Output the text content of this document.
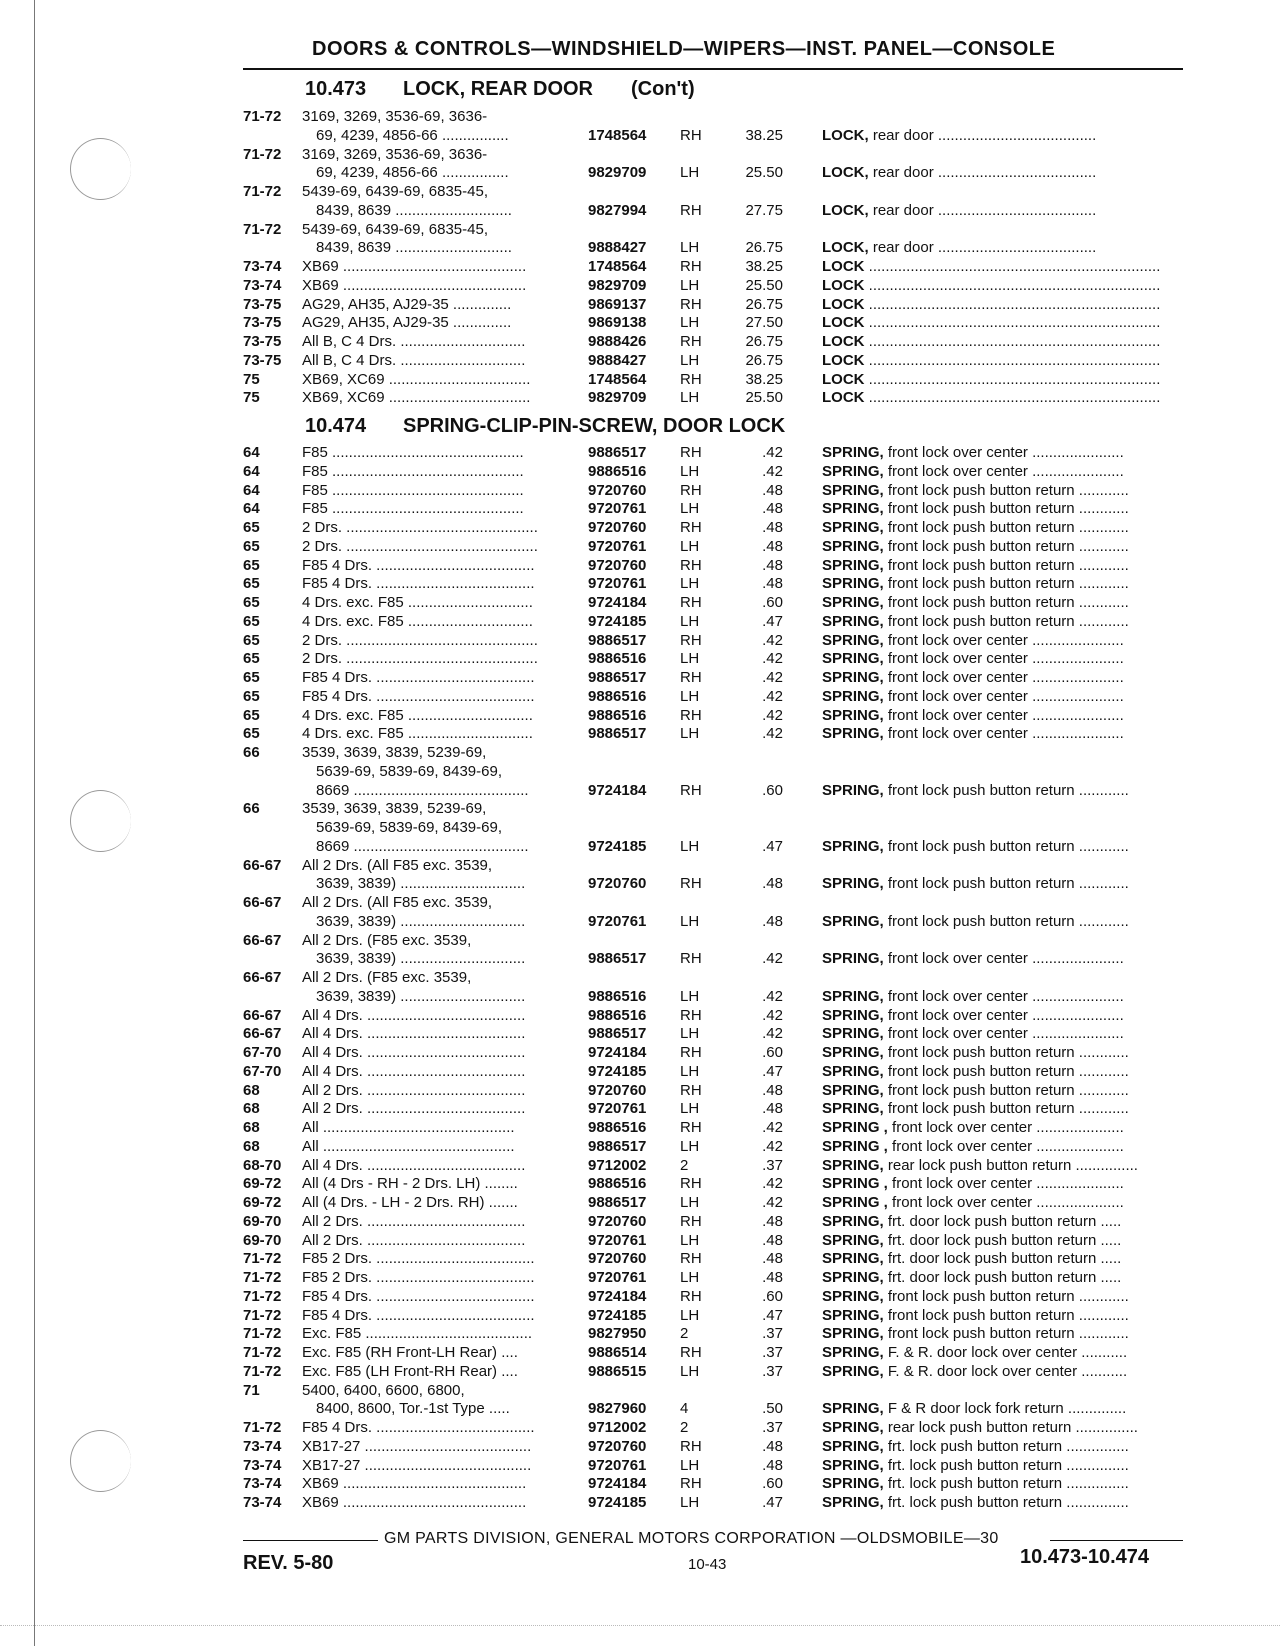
DOORS & CONTROLS—WINDSHIELD—WIPERS—INST. PANEL—CONSOLE
10.473 LOCK, REAR DOOR (Con't)
71-72 3169, 3269, 3536-69, 3636-
69, 4239, 4856-66 ................	1748564 RH	38.25	LOCK, rear door ......................................
71-72 3169, 3269, 3536-69, 3636-
69, 4239, 4856-66 ................	9829709 LH	25.50	LOCK, rear door ......................................
71-72 5439-69, 6439-69, 6835-45,
8439, 8639 ............................	9827994 RH	27.75	LOCK, rear door ......................................
71-72 5439-69, 6439-69, 6835-45,
8439, 8639 ............................	9888427 LH	26.75	LOCK, rear door ......................................
73-74 XB69 ............................................	1748564 RH	38.25	LOCK ......................................................................
73-74 XB69 ............................................	9829709 LH	25.50	LOCK ......................................................................
73-75 AG29, AH35, AJ29-35 ..............	9869137 RH	26.75	LOCK ......................................................................
73-75 AG29, AH35, AJ29-35 ..............	9869138 LH	27.50	LOCK ......................................................................
73-75 All B, C 4 Drs. ..............................	9888426 RH	26.75	LOCK ......................................................................
73-75 All B, C 4 Drs. ..............................	9888427 LH	26.75	LOCK ......................................................................
75	XB69, XC69 ..................................	1748564 RH	38.25	LOCK ......................................................................
75	XB69, XC69 ..................................	9829709 LH	25.50	LOCK ......................................................................
10.474 SPRING-CLIP-PIN-SCREW, DOOR LOCK
64	F85 ..............................................	9886517 RH	.42	SPRING, front lock over center ......................
64	F85 ..............................................	9886516 LH	.42	SPRING, front lock over center ......................
64	F85 ..............................................	9720760 RH	.48	SPRING, front lock push button return ............
64	F85 ..............................................	9720761 LH	.48	SPRING, front lock push button return ............
65	2 Drs. ..............................................	9720760 RH	.48	SPRING, front lock push button return ............
65	2 Drs. ..............................................	9720761 LH	.48	SPRING, front lock push button return ............
65	F85 4 Drs. ......................................	9720760 RH	.48	SPRING, front lock push button return ............
65	F85 4 Drs. ......................................	9720761 LH	.48	SPRING, front lock push button return ............
65	4 Drs. exc. F85 ..............................	9724184 RH	.60	SPRING, front lock push button return ............
65	4 Drs. exc. F85 ..............................	9724185 LH	.47	SPRING, front lock push button return ............
65	2 Drs. ..............................................	9886517 RH	.42	SPRING, front lock over center ......................
65	2 Drs. ..............................................	9886516 LH	.42	SPRING, front lock over center ......................
65	F85 4 Drs. ......................................	9886517 RH	.42	SPRING, front lock over center ......................
65	F85 4 Drs. ......................................	9886516 LH	.42	SPRING, front lock over center ......................
65	4 Drs. exc. F85 ..............................	9886516 RH	.42	SPRING, front lock over center ......................
65	4 Drs. exc. F85 ..............................	9886517 LH	.42	SPRING, front lock over center ......................
66	3539, 3639, 3839, 5239-69,
5639-69, 5839-69, 8439-69,
8669 ..........................................	9724184 RH	.60	SPRING, front lock push button return ............
66	3539, 3639, 3839, 5239-69,
5639-69, 5839-69, 8439-69,
8669 ..........................................	9724185 LH	.47	SPRING, front lock push button return ............
66-67 All 2 Drs. (All F85 exc. 3539,
3639, 3839) ..............................	9720760 RH	.48	SPRING, front lock push button return ............
66-67 All 2 Drs. (All F85 exc. 3539,
3639, 3839) ..............................	9720761 LH	.48	SPRING, front lock push button return ............
66-67 All 2 Drs. (F85 exc. 3539,
3639, 3839) ..............................	9886517 RH	.42	SPRING, front lock over center ......................
66-67 All 2 Drs. (F85 exc. 3539,
3639, 3839) ..............................	9886516 LH	.42	SPRING, front lock over center ......................
66-67 All 4 Drs. ......................................	9886516 RH	.42	SPRING, front lock over center ......................
66-67 All 4 Drs. ......................................	9886517 LH	.42	SPRING, front lock over center ......................
67-70 All 4 Drs. ......................................	9724184 RH	.60	SPRING, front lock push button return ............
67-70 All 4 Drs. ......................................	9724185 LH	.47	SPRING, front lock push button return ............
68	All 2 Drs. ......................................	9720760 RH	.48	SPRING, front lock push button return ............
68	All 2 Drs. ......................................	9720761 LH	.48	SPRING, front lock push button return ............
68	All ..............................................	9886516 RH	.42	SPRING , front lock over center .....................
68	All ..............................................	9886517 LH	.42	SPRING , front lock over center .....................
68-70 All 4 Drs. ......................................	9712002 2	.37	SPRING, rear lock push button return ...............
69-72 All (4 Drs - RH - 2 Drs. LH) ........	9886516 RH	.42	SPRING , front lock over center .....................
69-72 All (4 Drs. - LH - 2 Drs. RH) .......	9886517 LH	.42	SPRING , front lock over center .....................
69-70 All 2 Drs. ......................................	9720760 RH	.48	SPRING, frt. door lock push button return .....
69-70 All 2 Drs. ......................................	9720761 LH	.48	SPRING, frt. door lock push button return .....
71-72 F85 2 Drs. ......................................	9720760 RH	.48	SPRING, frt. door lock push button return .....
71-72 F85 2 Drs. ......................................	9720761 LH	.48	SPRING, frt. door lock push button return .....
71-72 F85 4 Drs. ......................................	9724184 RH	.60	SPRING, front lock push button return ............
71-72 F85 4 Drs. ......................................	9724185 LH	.47	SPRING, front lock push button return ............
71-72 Exc. F85 ........................................	9827950 2	.37	SPRING, front lock push button return ............
71-72 Exc. F85 (RH Front-LH Rear) ....	9886514 RH	.37	SPRING, F. & R. door lock over center ...........
71-72 Exc. F85 (LH Front-RH Rear) ....	9886515 LH	.37	SPRING, F. & R. door lock over center ...........
71	5400, 6400, 6600, 6800,
8400, 8600, Tor.-1st Type .....	9827960 4	.50	SPRING, F & R door lock fork return ..............
71-72 F85 4 Drs. ......................................	9712002 2	.37	SPRING, rear lock push button return ...............
73-74 XB17-27 ........................................	9720760 RH	.48	SPRING, frt. lock push button return ...............
73-74 XB17-27 ........................................	9720761 LH	.48	SPRING, frt. lock push button return ...............
73-74 XB69 ............................................	9724184 RH	.60	SPRING, frt. lock push button return ...............
73-74 XB69 ............................................	9724185 LH	.47	SPRING, frt. lock push button return ...............
GM PARTS DIVISION, GENERAL MOTORS CORPORATION —OLDSMOBILE—30
REV. 5-80	10-43	10.473-10.474
